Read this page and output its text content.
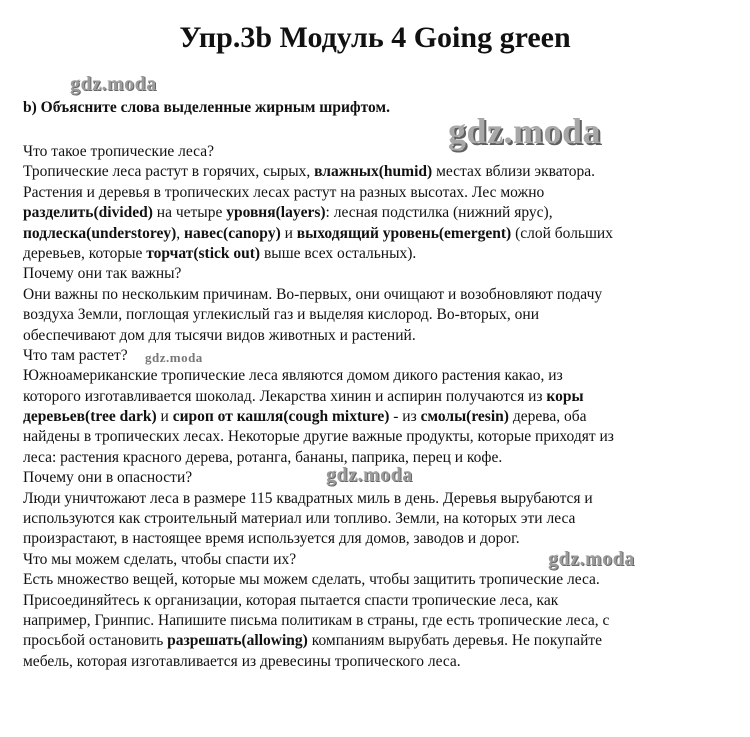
Упр.3b Модуль 4 Going green
gdz.moda
b) Объясните слова выделенные жирным шрифтом.
gdz.moda
Что такое тропические леса?
Тропические леса растут в горячих, сырых, влажных(humid) местах вблизи экватора.
Растения и деревья в тропических лесах растут на разных высотах. Лес можно
разделить(divided) на четыре уровня(layers): лесная подстилка (нижний ярус),
подлеска(understorey), навес(canopy) и выходящий уровень(emergent) (слой больших
деревьев, которые торчат(stick out) выше всех остальных).
Почему они так важны?
Они важны по нескольким причинам. Во-первых, они очищают и возобновляют подачу
воздуха Земли, поглощая углекислый газ и выделяя кислород. Во-вторых, они
обеспечивают дом для тысячи видов животных и растений.
Что там растет?
Южноамериканские тропические леса являются домом дикого растения какао, из
которого изготавливается шоколад. Лекарства хинин и аспирин получаются из коры
деревьев(tree dark) и сироп от кашля(cough mixture) - из смолы(resin) дерева, оба
найдены в тропических лесах. Некоторые другие важные продукты, которые приходят из
леса: растения красного дерева, ротанга, бананы, паприка, перец и кофе.
Почему они в опасности?
Люди уничтожают леса в размере 115 квадратных миль в день. Деревья вырубаются и
используются как строительный материал или топливо. Земли, на которых эти леса
произрастают, в настоящее время используется для домов, заводов и дорог.
Что мы можем сделать, чтобы спасти их?
Есть множество вещей, которые мы можем сделать, чтобы защитить тропические леса.
Присоединяйтесь к организации, которая пытается спасти тропические леса, как
например, Гринпис. Напишите письма политикам в страны, где есть тропические леса, с
просьбой остановить разрешать(allowing) компаниям вырубать деревья. Не покупайте
мебель, которая изготавливается из древесины тропического леса.
gdz.moda
gdz.moda
gdz.moda
